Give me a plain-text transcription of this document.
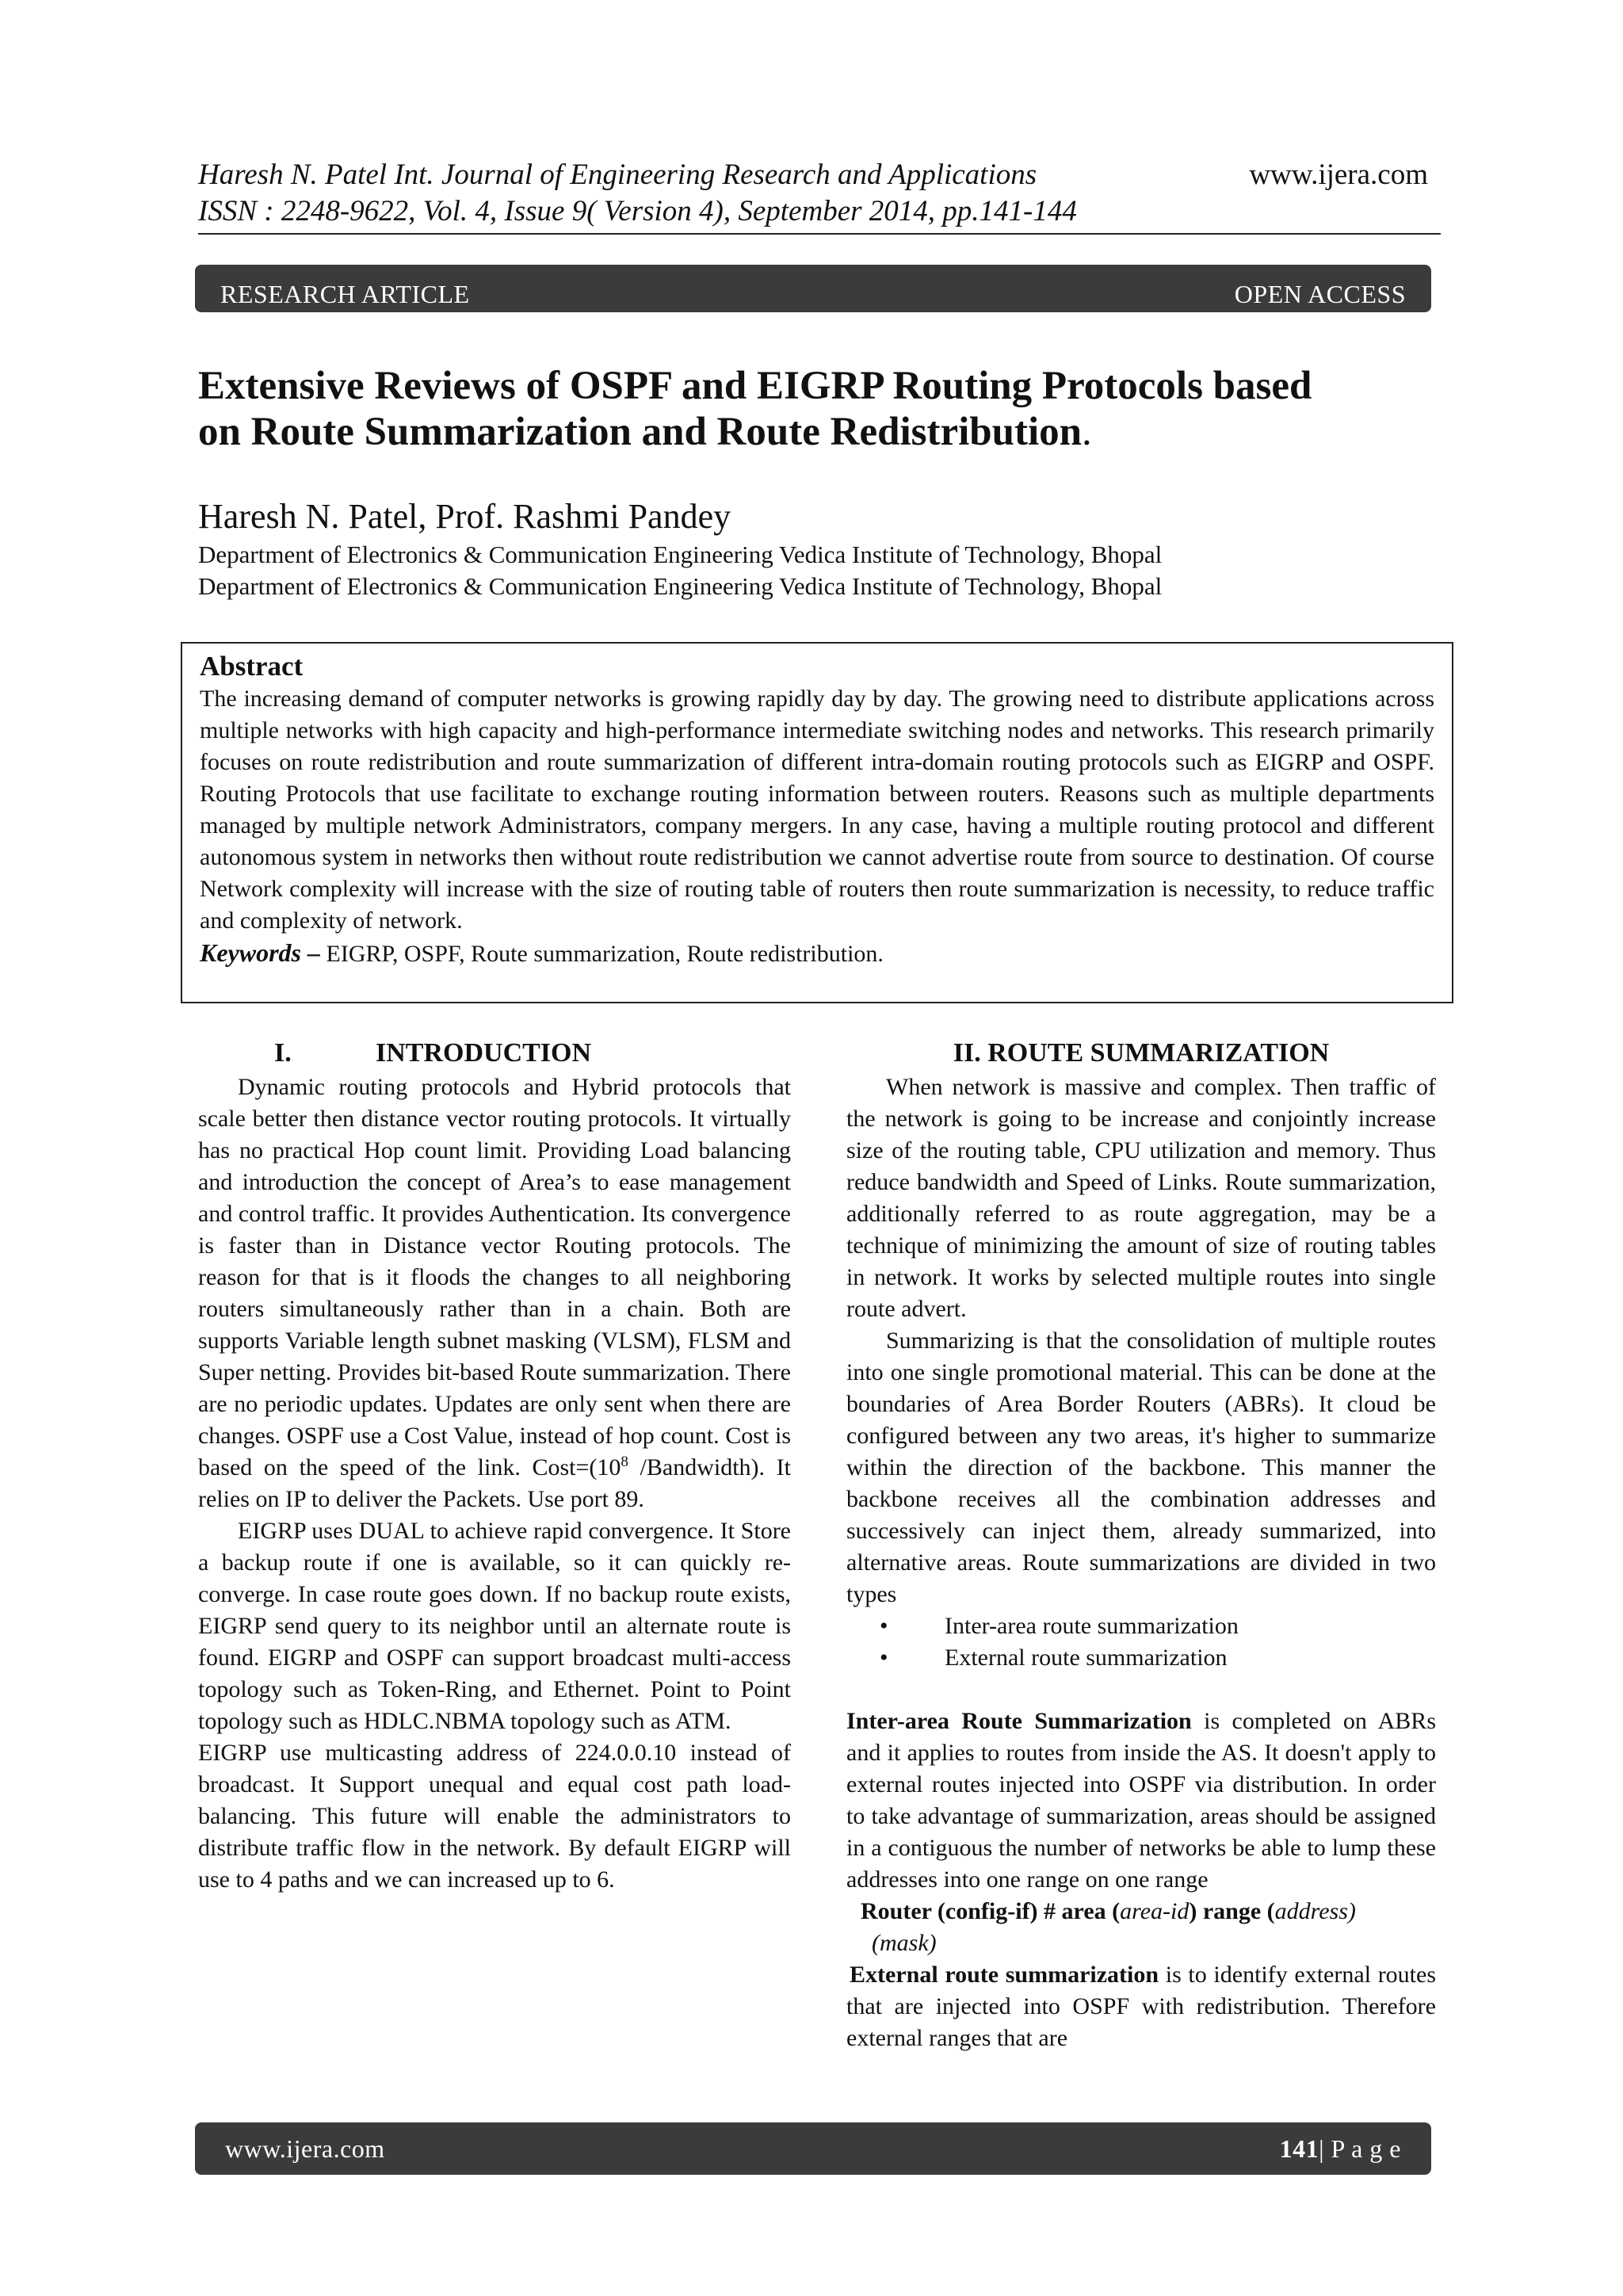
Haresh N. Patel Int. Journal of Engineering Research and Applications	www.ijera.com
ISSN : 2248-9622, Vol. 4, Issue 9( Version 4), September 2014, pp.141-144
RESEARCH ARTICLE	OPEN ACCESS
Extensive Reviews of OSPF and EIGRP Routing Protocols based
on Route Summarization and Route Redistribution.
Haresh N. Patel, Prof. Rashmi Pandey
Department of Electronics & Communication Engineering Vedica Institute of Technology, Bhopal
Department of Electronics & Communication Engineering Vedica Institute of Technology, Bhopal
Abstract
The increasing demand of computer networks is growing rapidly day by day. The growing need to distribute applications across multiple networks with high capacity and high-performance intermediate switching nodes and networks. This research primarily focuses on route redistribution and route summarization of different intra-domain routing protocols such as EIGRP and OSPF. Routing Protocols that use facilitate to exchange routing information between routers. Reasons such as multiple departments managed by multiple network Administrators, company mergers. In any case, having a multiple routing protocol and different autonomous system in networks then without route redistribution we cannot advertise route from source to destination. Of course Network complexity will increase with the size of routing table of routers then route summarization is necessity, to reduce traffic and complexity of network.
Keywords – EIGRP, OSPF, Route summarization, Route redistribution.
I.	INTRODUCTION

Dynamic routing protocols and Hybrid protocols that scale better then distance vector routing protocols. It virtually has no practical Hop count limit. Providing Load balancing and introduction the concept of Area’s to ease management and control traffic. It provides Authentication. Its convergence is faster than in Distance vector Routing protocols. The reason for that is it floods the changes to all neighboring routers simultaneously rather than in a chain. Both are supports Variable length subnet masking (VLSM), FLSM and Super netting. Provides bit-based Route summarization. There are no periodic updates. Updates are only sent when there are changes. OSPF use a Cost Value, instead of hop count. Cost is based on the speed of the link. $Cost=(10^8$ /Bandwidth). It relies on IP to deliver the Packets. Use port 89.

EIGRP uses DUAL to achieve rapid convergence. It Store a backup route if one is available, so it can quickly re-converge. In case route goes down. If no backup route exists, EIGRP send query to its neighbor until an alternate route is found. EIGRP and OSPF can support broadcast multi-access topology such as Token-Ring, and Ethernet. Point to Point topology such as HDLC.NBMA topology such as ATM.

EIGRP use multicasting address of 224.0.0.10 instead of broadcast. It Support unequal and equal cost path load-balancing. This future will enable the administrators to distribute traffic flow in the network. By default EIGRP will use to 4 paths and we can increased up to 6.

II. ROUTE SUMMARIZATION

When network is massive and complex. Then traffic of the network is going to be increase and conjointly increase size of the routing table, CPU utilization and memory. Thus reduce bandwidth and Speed of Links. Route summarization, additionally referred to as route aggregation, may be a technique of minimizing the amount of size of routing tables in network. It works by selected multiple routes into single route advert.

Summarizing is that the consolidation of multiple routes into one single promotional material. This can be done at the boundaries of Area Border Routers (ABRs). It cloud be configured between any two areas, it's higher to summarize within the direction of the backbone. This manner the backbone receives all the combination addresses and successively can inject them, already summarized, into alternative areas. Route summarizations are divided in two types

• Inter-area route summarization
• External route summarization

Inter-area Route Summarization is completed on ABRs and it applies to routes from inside the AS. It doesn't apply to external routes injected into OSPF via distribution. In order to take advantage of summarization, areas should be assigned in a contiguous the number of networks be able to lump these addresses into one range on one range

Router (config-if) # area (area-id) range (address)

(mask)

External route summarization is to identify external routes that are injected into OSPF with redistribution. Therefore external ranges that are

www.ijera.com	141| P a g e
